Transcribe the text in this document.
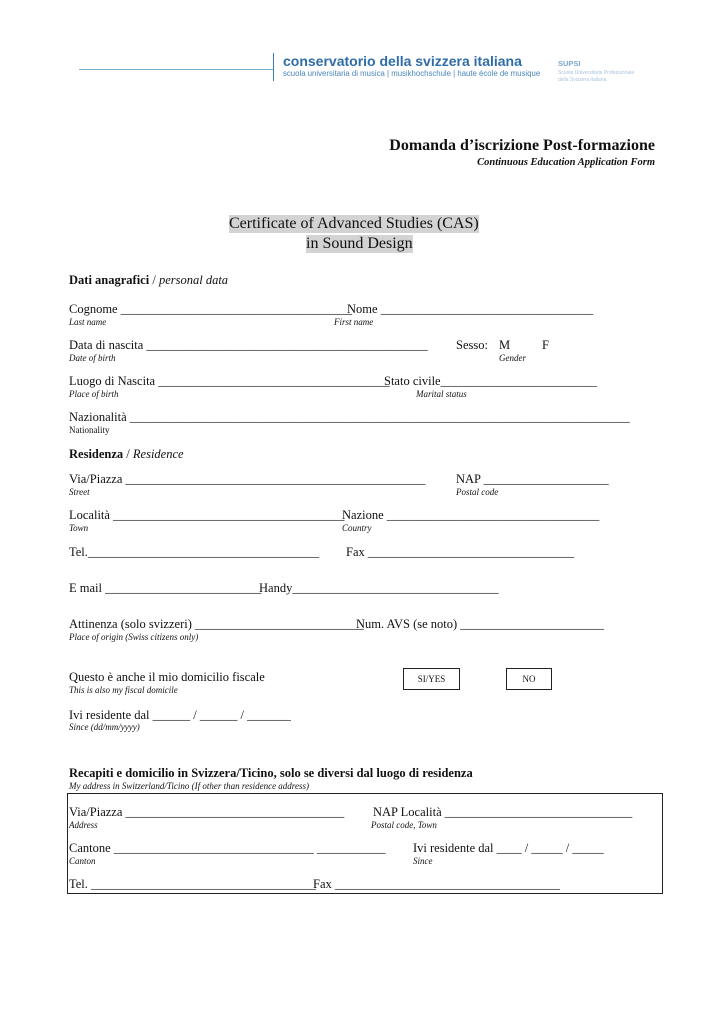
conservatorio della svizzera italiana
scuola universitaria di musica | musikhochschule | haute école de musique
SUPSI
Scuola Universitaria Professionale
della Svizzera italiana
Domanda d’iscrizione Post-formazione
Continuous Education Application Form
Certificate of Advanced Studies (CAS)
in Sound Design
Dati anagrafici / personal data
Cognome _____________________________________
Last name
Nome __________________________________
First name
Data di nascita _____________________________________________
Date of birth
Sesso: M	F
Gender
Luogo di Nascita _____________________________________
Place of birth
Stato civile_________________________
Marital status
Nazionalità ________________________________________________________________________________
Nationality
Residenza / Residence
Via/Piazza ________________________________________________
Street
NAP ____________________
Postal code
Località _____________________________________
Town
Nazione __________________________________
Country
Tel._____________________________________ Fax _________________________________
E mail _________________________
Handy_________________________________
Attinenza (solo svizzeri) ___________________________
Place of origin (Swiss citizens only)
Num. AVS (se noto) _______________________
Questo è anche il mio domicilio fiscale
This is also my fiscal domicile
SI/YES	NO
Ivi residente dal ______ / ______ / _______
Since (dd/mm/yyyy)
Recapiti e domicilio in Svizzera/Ticino, solo se diversi dal luogo di residenza
My address in Switzerland/Ticino (If other than residence address)
Via/Piazza ___________________________________
Address
NAP Località ______________________________
Postal code, Town
Cantone ________________________________ ___________
Canton
Ivi residente dal ____ / _____ / _____
Since
Tel. ____________________________________
Fax ____________________________________
